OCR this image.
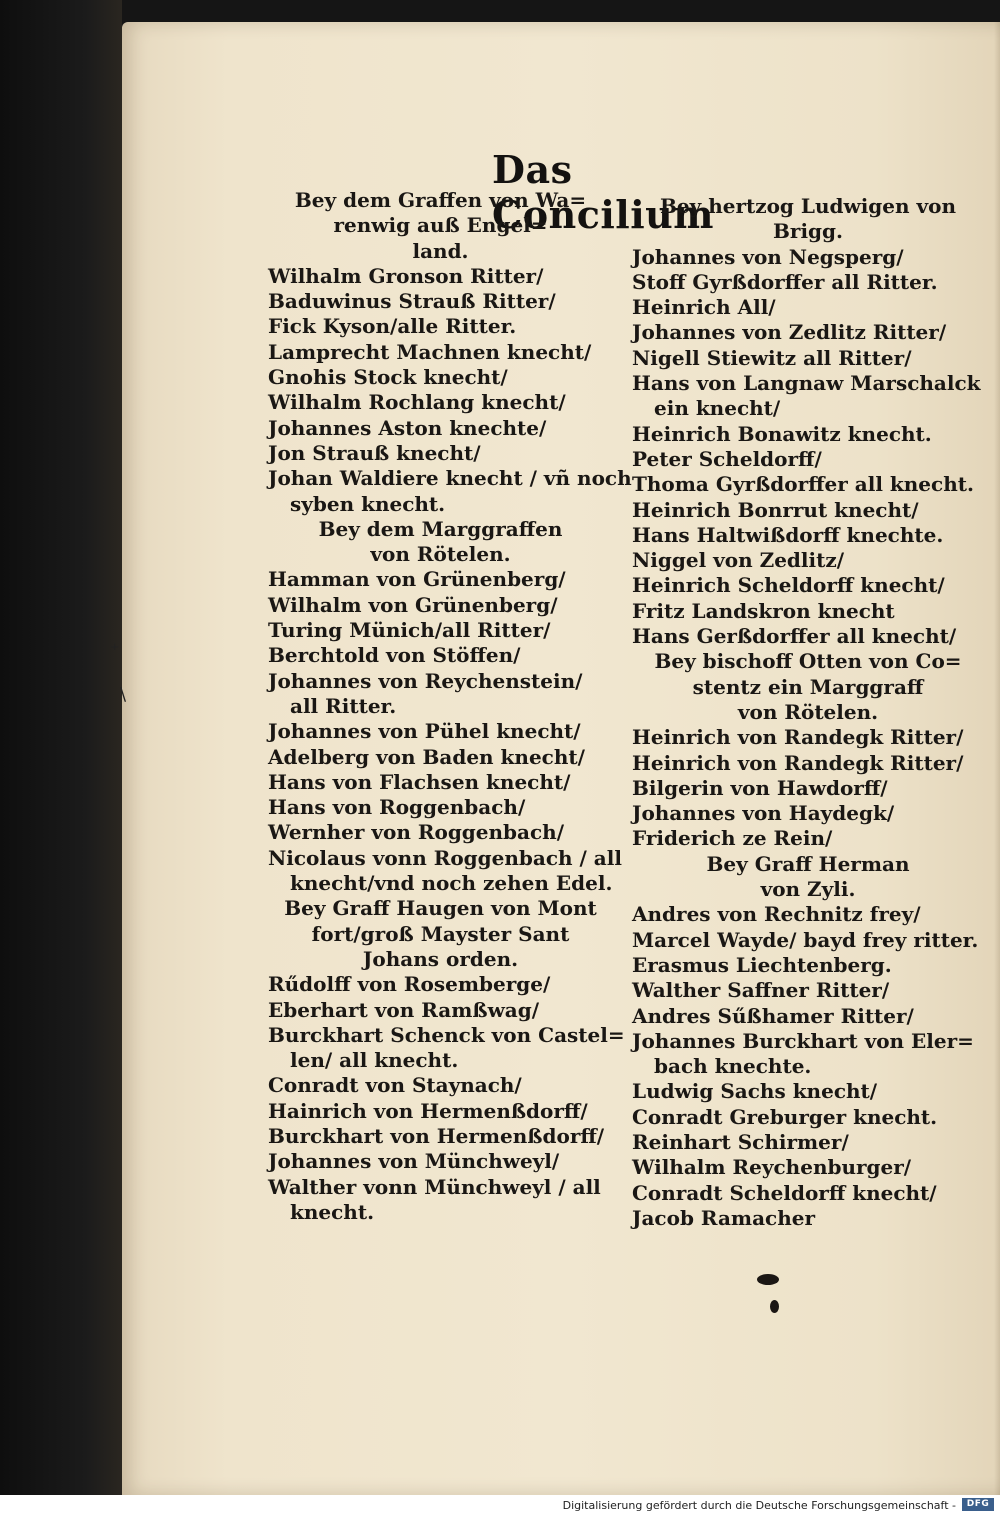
⁺
\
Das Concilium
Bey dem Graffen von Wa=
renwig auß Engel=
land.
Wilhalm Gronson Ritter/
Baduwinus Strauß Ritter/
Fick Kyson/alle Ritter.
Lamprecht Machnen knecht/
Gnohis Stock knecht/
Wilhalm Rochlang knecht/
Johannes Aston knechte/
Jon Strauß knecht/
Johan Waldiere knecht / vñ noch
syben knecht.
Bey dem Marggraffen
von Rötelen.
Hamman von Grünenberg/
Wilhalm von Grünenberg/
Turing Münich/all Ritter/
Berchtold von Stöffen/
Johannes von Reychenstein/
all Ritter.
Johannes von Pühel knecht/
Adelberg von Baden knecht/
Hans von Flachsen knecht/
Hans von Roggenbach/
Wernher von Roggenbach/
Nicolaus vonn Roggenbach / all
knecht/vnd noch zehen Edel.
Bey Graff Haugen von Mont
fort/groß Mayster Sant
Johans orden.
Rűdolff von Rosemberge/
Eberhart von Ramßwag/
Burckhart Schenck von Castel=
len/ all knecht.
Conradt von Staynach/
Hainrich von Hermenßdorff/
Burckhart von Hermenßdorff/
Johannes von Münchweyl/
Walther vonn Münchweyl / all
knecht.
Bey hertzog Ludwigen von
Brigg.
Johannes von Negsperg/
Stoff Gyrßdorffer all Ritter.
Heinrich All/
Johannes von Zedlitz Ritter/
Nigell Stiewitz all Ritter/
Hans von Langnaw Marschalck
ein knecht/
Heinrich Bonawitz knecht.
Peter Scheldorff/
Thoma Gyrßdorffer all knecht.
Heinrich Bonrrut knecht/
Hans Haltwißdorff knechte.
Niggel von Zedlitz/
Heinrich Scheldorff knecht/
Fritz Landskron knecht
Hans Gerßdorffer all knecht/
Bey bischoff Otten von Co=
stentz ein Marggraff
von Rötelen.
Heinrich von Randegk Ritter/
Heinrich von Randegk Ritter/
Bilgerin von Hawdorff/
Johannes von Haydegk/
Friderich ze Rein/
Bey Graff Herman
von Zyli.
Andres von Rechnitz frey/
Marcel Wayde/ bayd frey ritter.
Erasmus Liechtenberg.
Walther Saffner Ritter/
Andres Sűßhamer Ritter/
Johannes Burckhart von Eler=
bach knechte.
Ludwig Sachs knecht/
Conradt Greburger knecht.
Reinhart Schirmer/
Wilhalm Reychenburger/
Conradt Scheldorff knecht/
Jacob Ramacher
Digitalisierung gefördert durch die Deutsche Forschungsgemeinschaft -	DFG
